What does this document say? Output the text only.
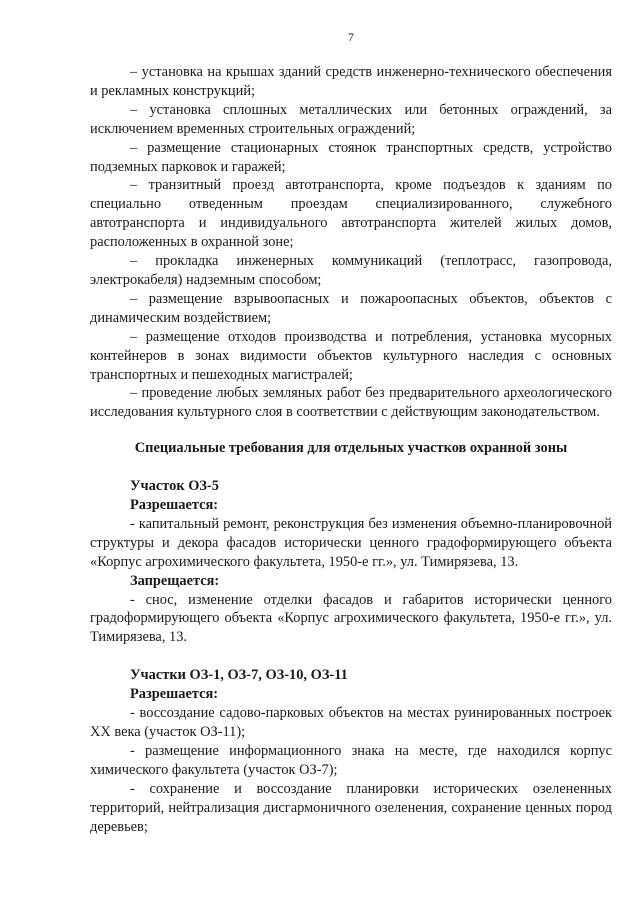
7

– установка на крышах зданий средств инженерно-технического обеспечения и рекламных конструкций;

– установка сплошных металлических или бетонных ограждений, за исключением временных строительных ограждений;

– размещение стационарных стоянок транспортных средств, устройство подземных парковок и гаражей;

– транзитный проезд автотранспорта, кроме подъездов к зданиям по специально отведенным проездам специализированного, служебного автотранспорта и индивидуального автотранспорта жителей жилых домов, расположенных в охранной зоне;

– прокладка инженерных коммуникаций (теплотрасс, газопровода, электрокабеля) надземным способом;

– размещение взрывоопасных и пожароопасных объектов, объектов с динамическим воздействием;

– размещение отходов производства и потребления, установка мусорных контейнеров в зонах видимости объектов культурного наследия с основных транспортных и пешеходных магистралей;

– проведение любых земляных работ без предварительного археологического исследования культурного слоя в соответствии с действующим законодательством.

Специальные требования для отдельных участков охранной зоны

Участок ОЗ-5

Разрешается:

- капитальный ремонт, реконструкция без изменения объемно-планировочной структуры и декора фасадов исторически ценного градоформирующего объекта «Корпус агрохимического факультета, 1950-е гг.», ул. Тимирязева, 13.

Запрещается:

- снос, изменение отделки фасадов и габаритов исторически ценного градоформирующего объекта «Корпус агрохимического факультета, 1950-е гг.», ул. Тимирязева, 13.

Участки ОЗ-1, ОЗ-7, ОЗ-10, ОЗ-11

Разрешается:

- воссоздание садово-парковых объектов на местах руинированных построек XX века (участок ОЗ-11);

- размещение информационного знака на месте, где находился корпус химического факультета (участок ОЗ-7);

- сохранение и воссоздание планировки исторических озелененных территорий, нейтрализация дисгармоничного озеленения, сохранение ценных пород деревьев;
